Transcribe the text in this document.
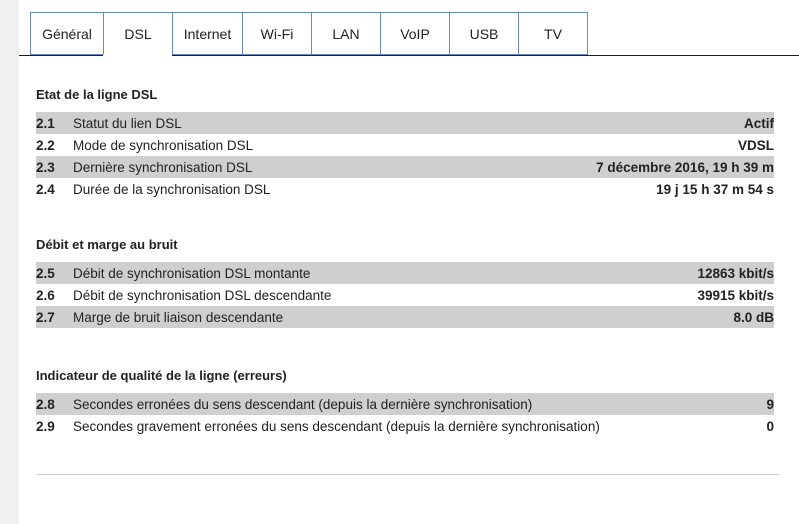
Général	DSL	Internet	Wi-Fi	LAN	VoIP	USB	TV
Etat de la ligne DSL
2.1	Statut du lien DSL	Actif
2.2	Mode de synchronisation DSL	VDSL
2.3	Dernière synchronisation DSL	7 décembre 2016, 19 h 39 m
2.4	Durée de la synchronisation DSL	19 j 15 h 37 m 54 s
Débit et marge au bruit
2.5	Débit de synchronisation DSL montante	12863 kbit/s
2.6	Débit de synchronisation DSL descendante	39915 kbit/s
2.7	Marge de bruit liaison descendante	8.0 dB
Indicateur de qualité de la ligne (erreurs)
2.8	Secondes erronées du sens descendant (depuis la dernière synchronisation)	9
2.9	Secondes gravement erronées du sens descendant (depuis la dernière synchronisation)	0
